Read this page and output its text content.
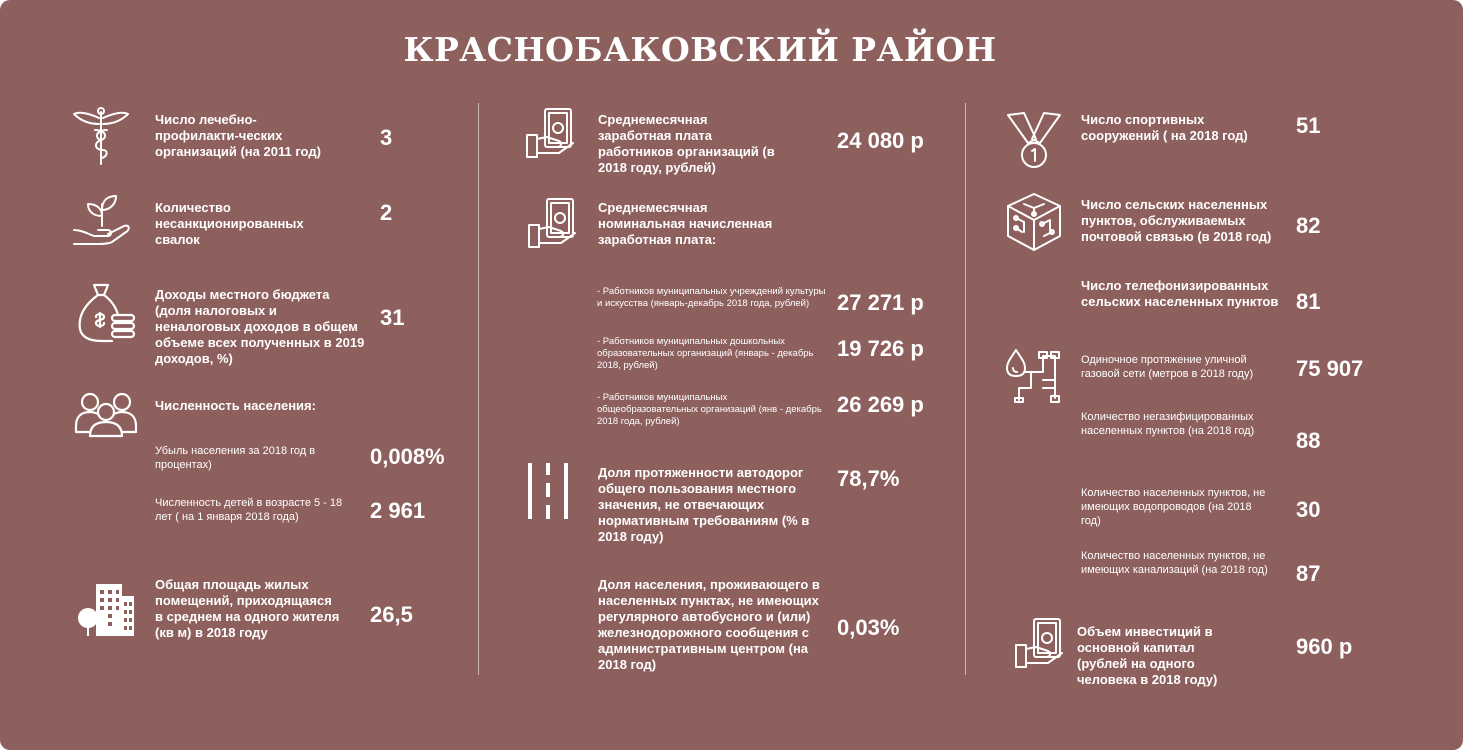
КРАСНОБАКОВСКИЙ РАЙОН
Число лечебно-профилакти-ческих организаций (на 2011 год)
3
Количество несанкционированных свалок
2
Доходы местного бюджета (доля налоговых и неналоговых доходов в общем объеме всех полученных в 2019 доходов, %)
31
Численность населения:
Убыль населения за 2018 год в процентах)	0,008%
Численность детей в возрасте 5 - 18 лет ( на 1 января 2018 года)	2 961
Общая площадь жилых помещений, приходящаяся в среднем на одного жителя (кв м) в 2018 году
26,5
Среднемесячная заработная плата работников организаций (в 2018 году, рублей)
24 080 р
Среднемесячная номинальная начисленная заработная плата:
- Работников муниципальных учреждений культуры и искусства (январь-декабрь 2018 года, рублей)	27 271 р
- Работников муниципальных дошкольных образовательных организаций (январь - декабрь 2018, рублей)
19 726 р
- Работников муниципальных общеобразовательных организаций (янв - декабрь 2018 года, рублей)
26 269 р
Доля протяженности автодорог общего пользования местного значения, не отвечающих нормативным требованиям (% в 2018 году)
78,7%
Доля населения, проживающего в населенных пунктах, не имеющих регулярного автобусного и (или) железнодорожного сообщения с административным центром (на 2018 год)
0,03%
Число спортивных сооружений ( на 2018 год)	51
Число сельских населенных пунктов, обслуживаемых почтовой связью (в 2018 год) 82
Число телефонизированных сельских населенных пунктов 81
Одиночное протяжение уличной газовой сети (метров в 2018 году)	75 907
Количество негазифицированных населенных пунктов (на 2018 год)	88
Количество населенных пунктов, не имеющих водопроводов (на 2018 год)	30
Количество населенных пунктов, не имеющих канализаций (на 2018 год) 87
Объем инвестиций в основной капитал (рублей на одного человека в 2018 году)
960 р
